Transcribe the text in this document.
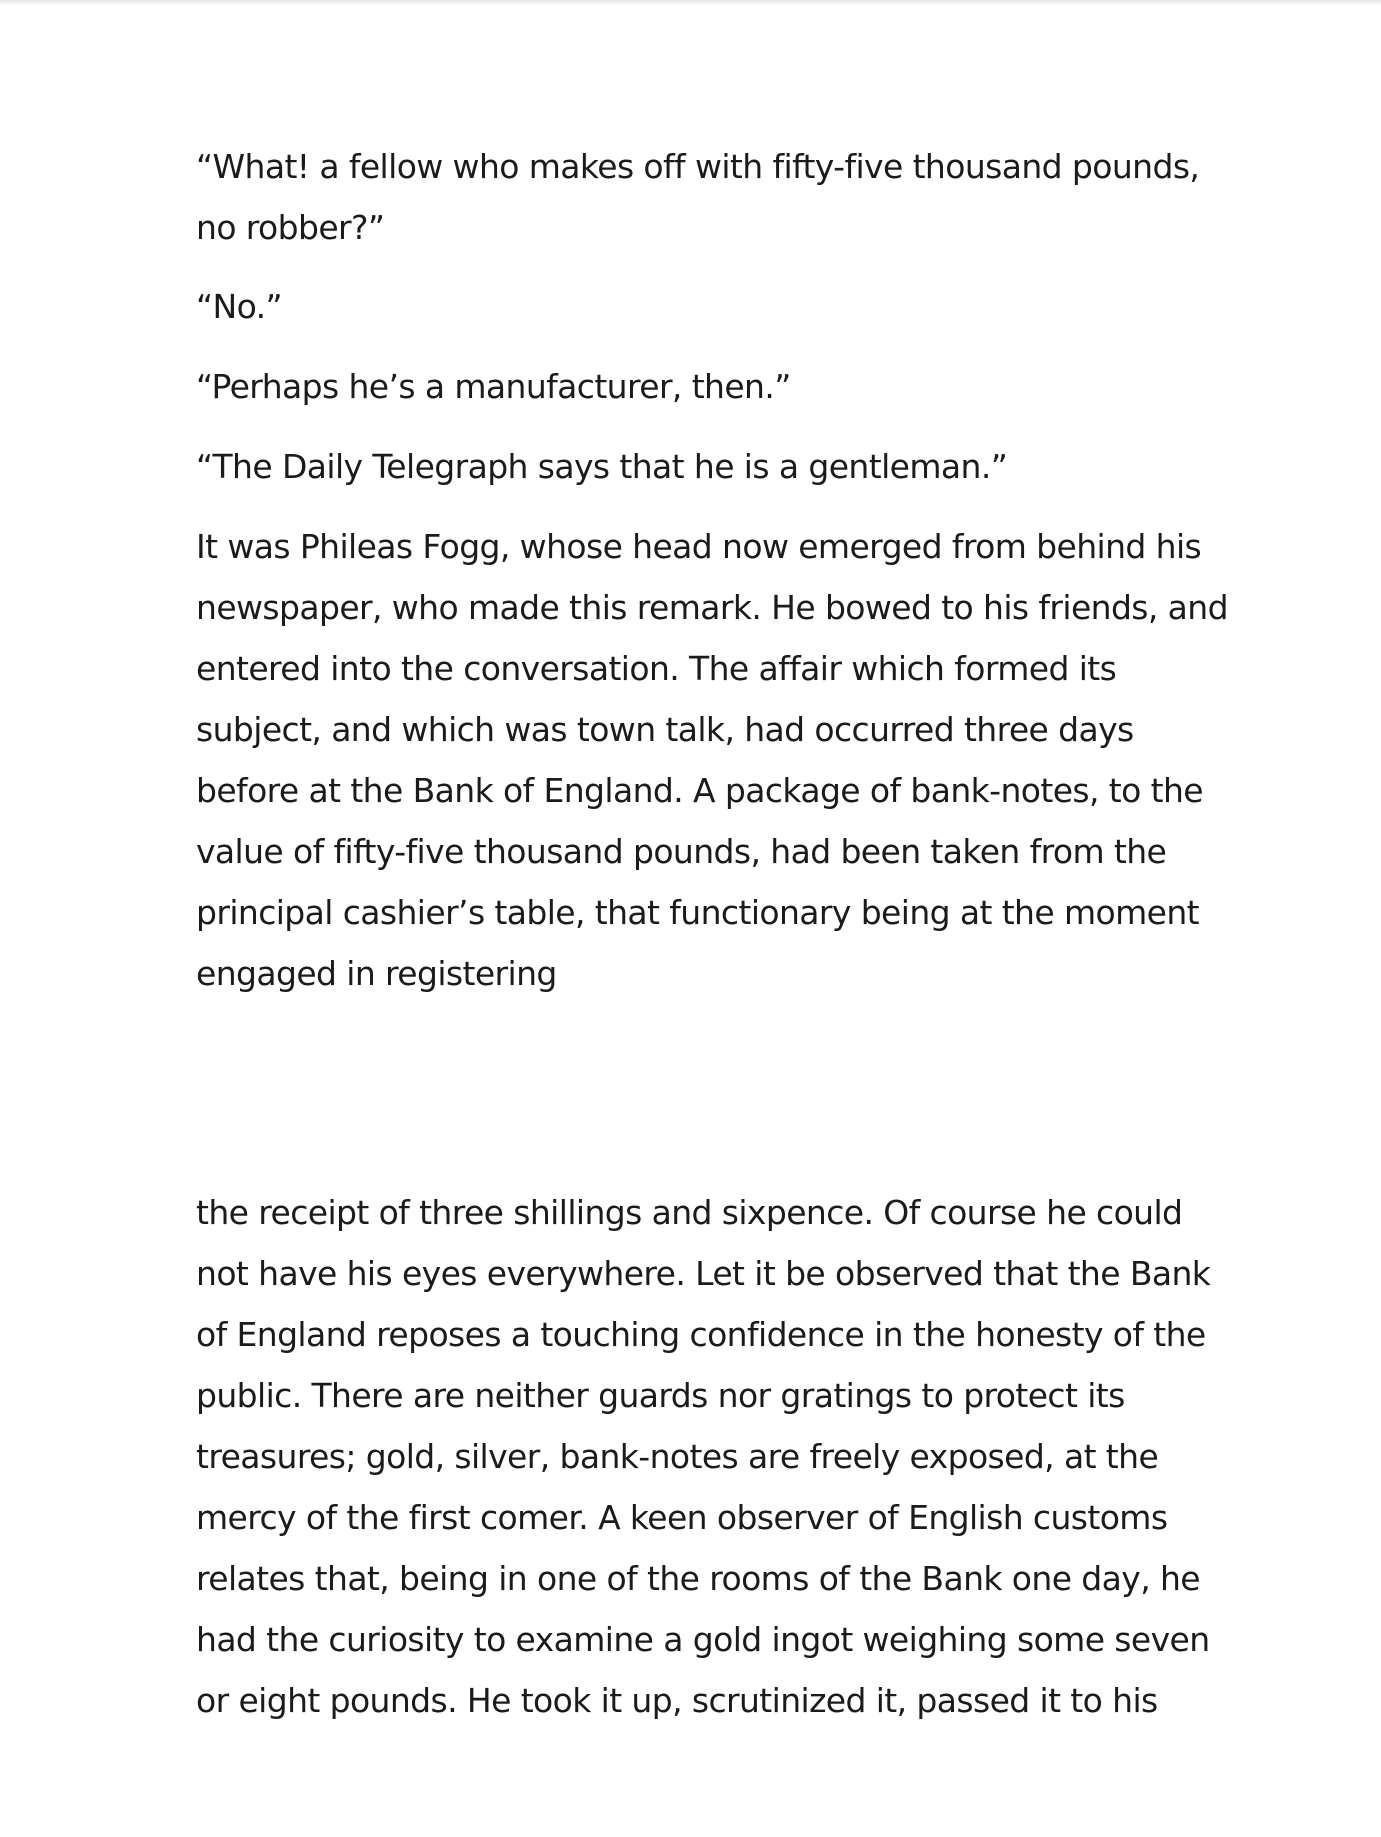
“What! a fellow who makes off with fifty-five thousand pounds,
no robber?”
“No.”
“Perhaps he’s a manufacturer, then.”
“The Daily Telegraph says that he is a gentleman.”
It was Phileas Fogg, whose head now emerged from behind his
newspaper, who made this remark. He bowed to his friends, and
entered into the conversation. The affair which formed its
subject, and which was town talk, had occurred three days
before at the Bank of England. A package of bank-notes, to the
value of fifty-five thousand pounds, had been taken from the
principal cashier’s table, that functionary being at the moment
engaged in registering
the receipt of three shillings and sixpence. Of course he could
not have his eyes everywhere. Let it be observed that the Bank
of England reposes a touching confidence in the honesty of the
public. There are neither guards nor gratings to protect its
treasures; gold, silver, bank-notes are freely exposed, at the
mercy of the first comer. A keen observer of English customs
relates that, being in one of the rooms of the Bank one day, he
had the curiosity to examine a gold ingot weighing some seven
or eight pounds. He took it up, scrutinized it, passed it to his
